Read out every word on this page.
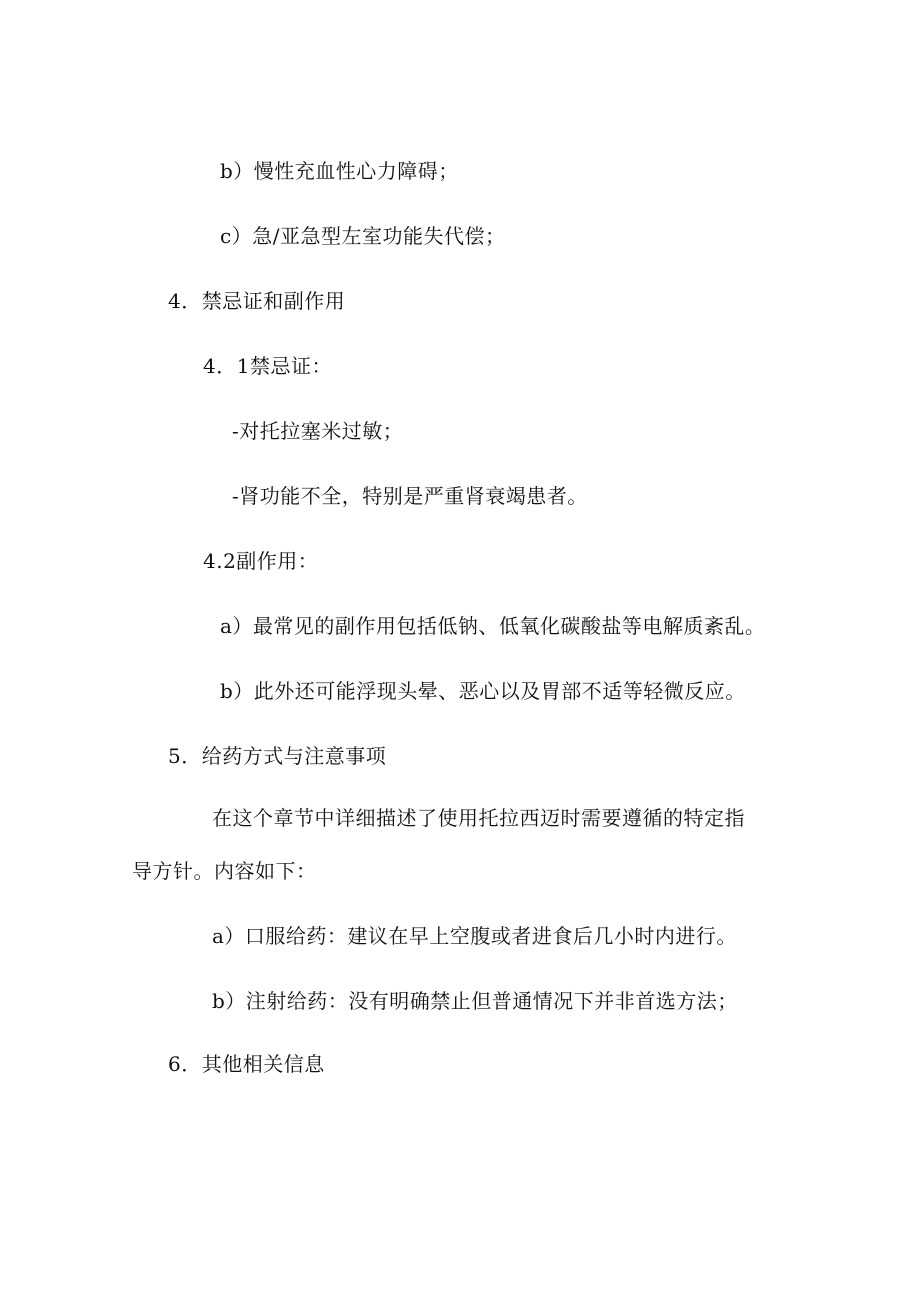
b）慢性充血性心力障碍；
c）急/亚急型左室功能失代偿；
4．禁忌证和副作用
4．1禁忌证：
-对托拉塞米过敏；
-肾功能不全，特别是严重肾衰竭患者。
4.2副作用：
a）最常见的副作用包括低钠、低氧化碳酸盐等电解质紊乱。
b）此外还可能浮现头晕、恶心以及胃部不适等轻微反应。
5．给药方式与注意事项
在这个章节中详细描述了使用托拉西迈时需要遵循的特定指
导方针。内容如下：
a）口服给药：建议在早上空腹或者进食后几小时内进行。
b）注射给药：没有明确禁止但普通情况下并非首选方法；
6．其他相关信息
